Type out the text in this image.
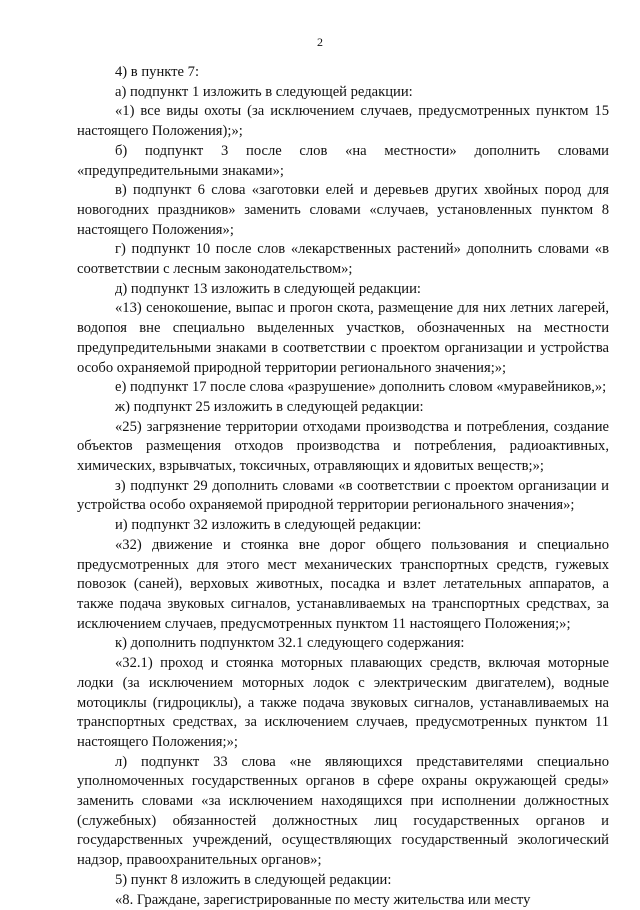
2

4) в пункте 7:

а) подпункт 1 изложить в следующей редакции:

«1) все виды охоты (за исключением случаев, предусмотренных пунктом 15 настоящего Положения);»;

б) подпункт 3 после слов «на местности» дополнить словами «предупредительными знаками»;

в) подпункт 6 слова «заготовки елей и деревьев других хвойных пород для новогодних праздников» заменить словами «случаев, установленных пунктом 8 настоящего Положения»;

г) подпункт 10 после слов «лекарственных растений» дополнить словами «в соответствии с лесным законодательством»;

д) подпункт 13 изложить в следующей редакции:

«13) сенокошение, выпас и прогон скота, размещение для них летних лагерей, водопоя вне специально выделенных участков, обозначенных на местности предупредительными знаками в соответствии с проектом организации и устройства особо охраняемой природной территории регионального значения;»;

е) подпункт 17 после слова «разрушение» дополнить словом «муравейников,»;

ж) подпункт 25 изложить в следующей редакции:

«25) загрязнение территории отходами производства и потребления, создание объектов размещения отходов производства и потребления, радиоактивных, химических, взрывчатых, токсичных, отравляющих и ядовитых веществ;»;

з) подпункт 29 дополнить словами «в соответствии с проектом организации и устройства особо охраняемой природной территории регионального значения»;

и) подпункт 32 изложить в следующей редакции:

«32) движение и стоянка вне дорог общего пользования и специально предусмотренных для этого мест механических транспортных средств, гужевых повозок (саней), верховых животных, посадка и взлет летательных аппаратов, а также подача звуковых сигналов, устанавливаемых на транспортных средствах, за исключением случаев, предусмотренных пунктом 11 настоящего Положения;»;

к) дополнить подпунктом 32.1 следующего содержания:

«32.1) проход и стоянка моторных плавающих средств, включая моторные лодки (за исключением моторных лодок с электрическим двигателем), водные мотоциклы (гидроциклы), а также подача звуковых сигналов, устанавливаемых на транспортных средствах, за исключением случаев, предусмотренных пунктом 11 настоящего Положения;»;

л) подпункт 33 слова «не являющихся представителями специально уполномоченных государственных органов в сфере охраны окружающей среды» заменить словами «за исключением находящихся при исполнении должностных (служебных) обязанностей должностных лиц государственных органов и государственных учреждений, осуществляющих государственный экологический надзор, правоохранительных органов»;

5) пункт 8 изложить в следующей редакции:

«8. Граждане, зарегистрированные по месту жительства или месту
